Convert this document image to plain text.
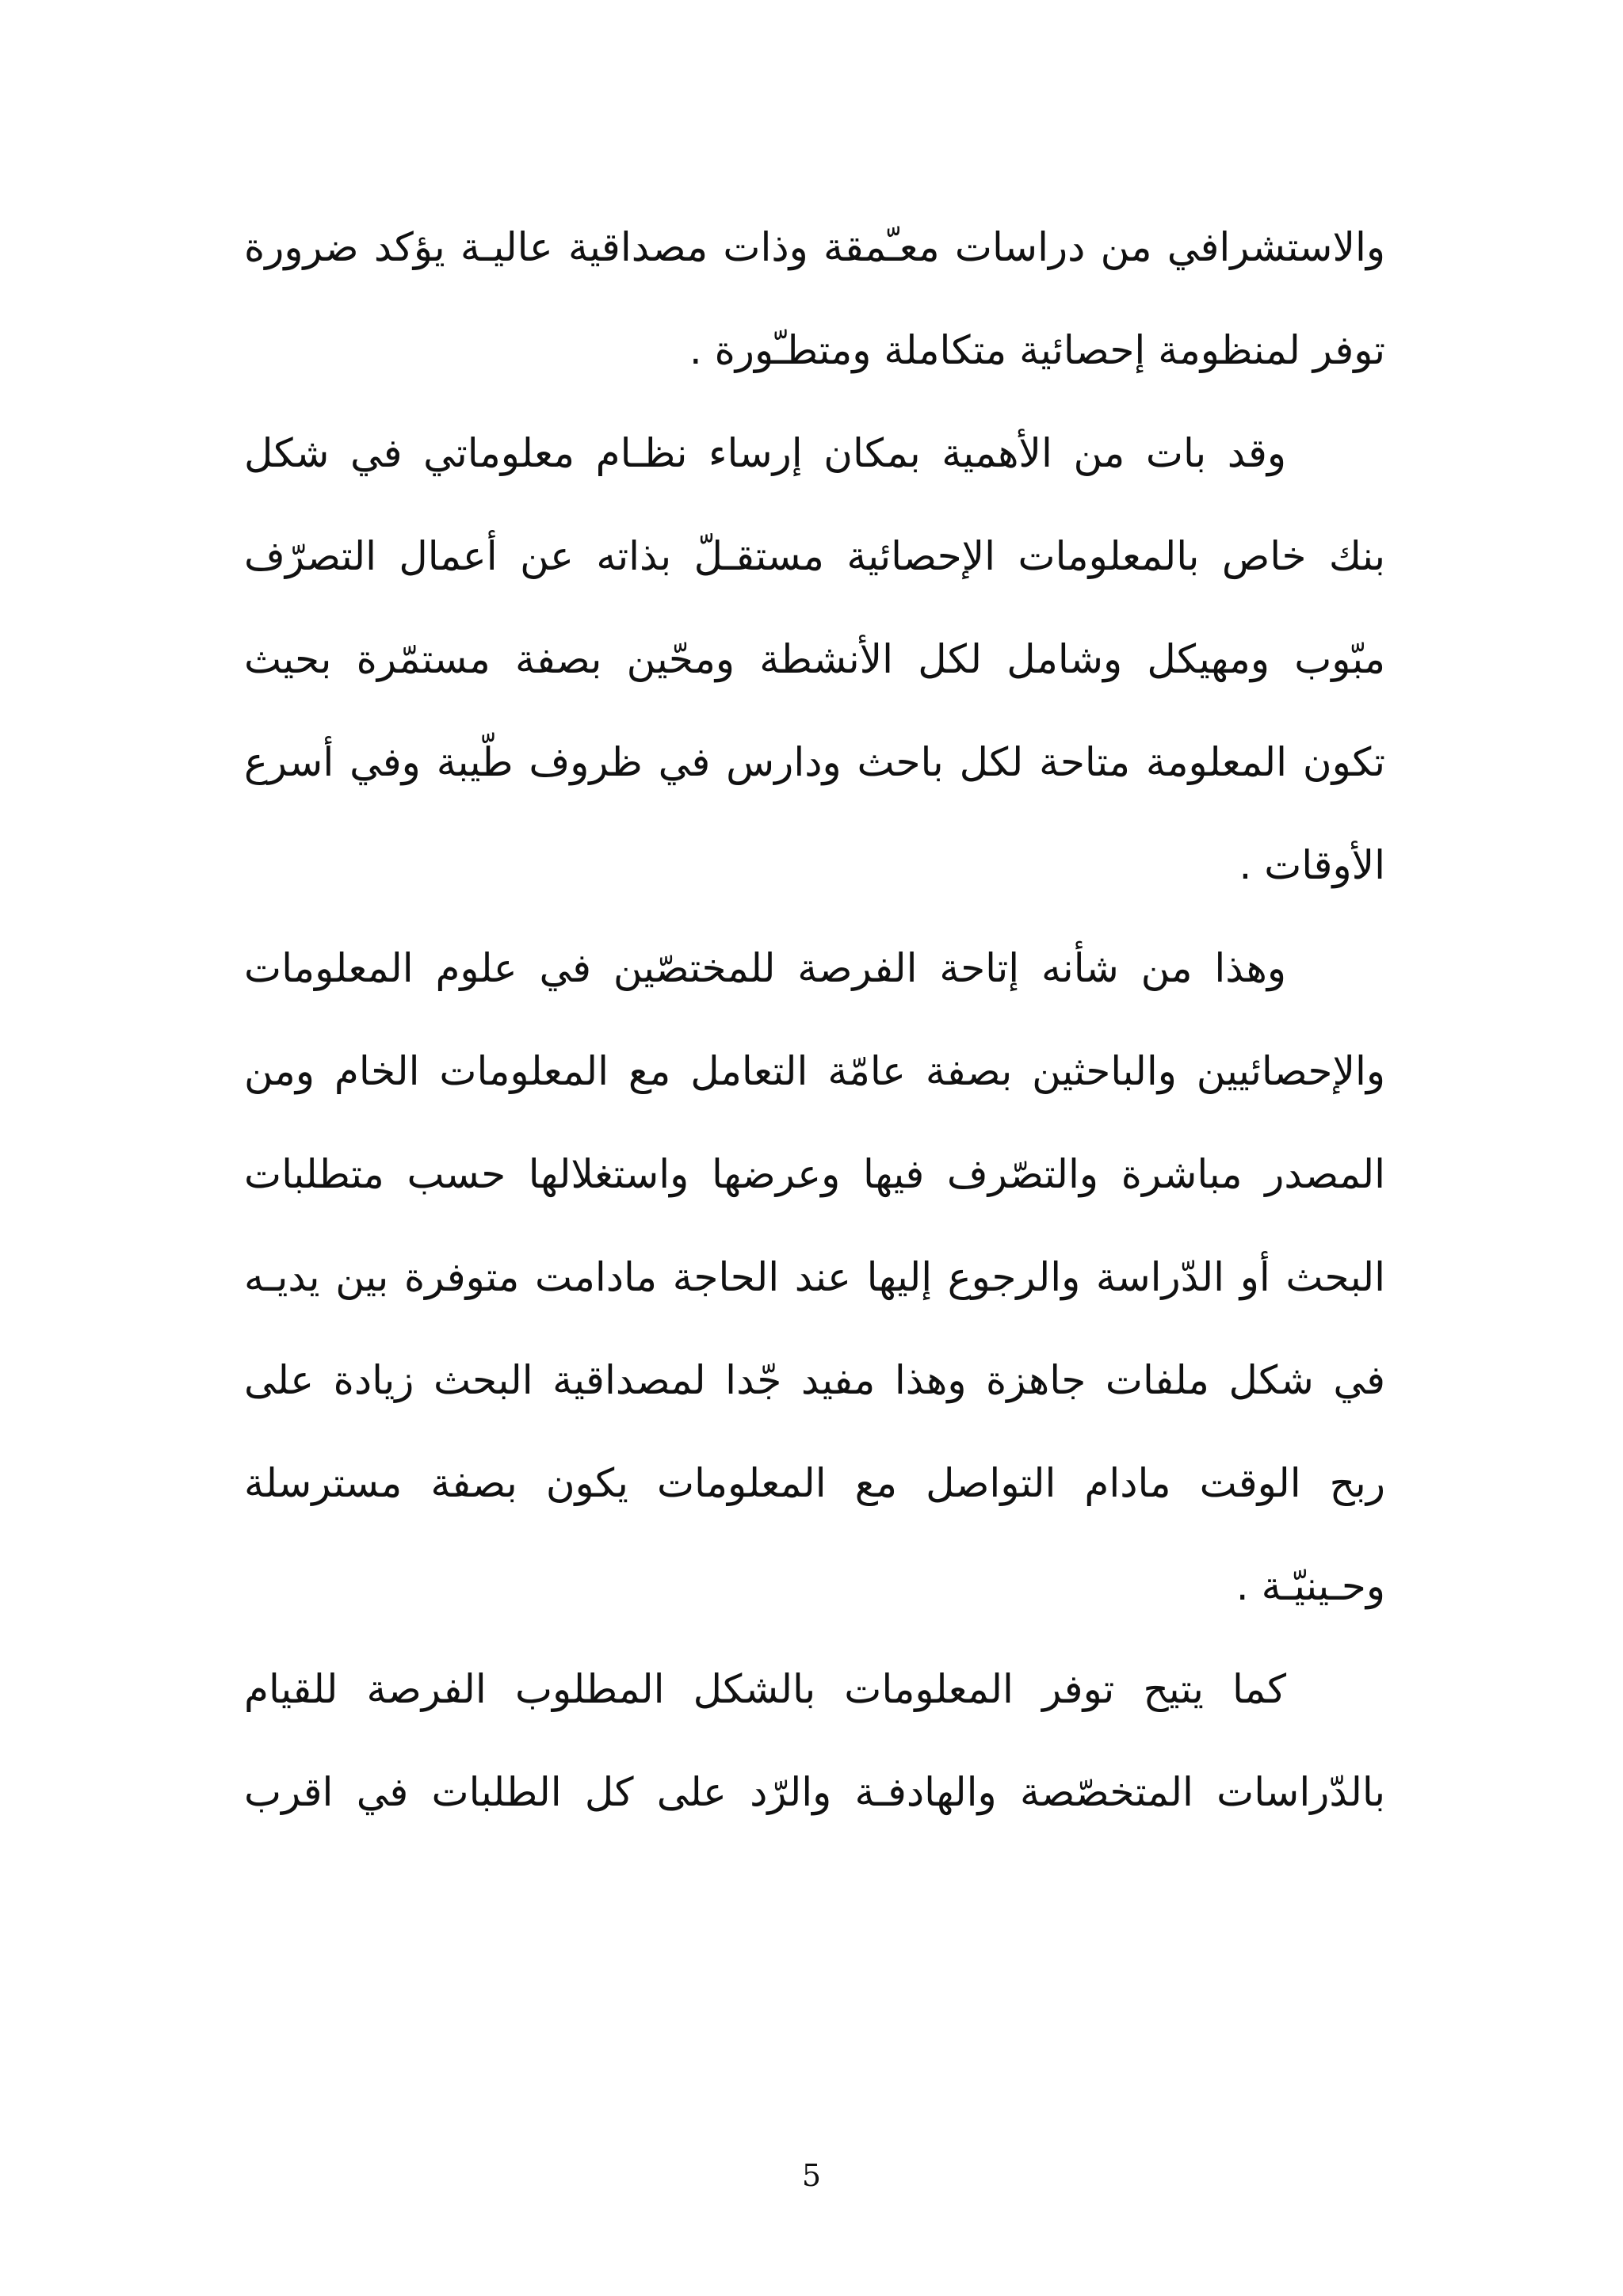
والاستشرافي من دراسات معـّمقة وذات مصداقية عاليـة يؤكد ضرورة
توفر لمنظومة إحصائية متكاملة ومتطـّورة .
وقد بات من الأهمية بمكان إرساء نظـام معلوماتي في شكل
بنك خاص بالمعلومات الإحصائية مستقـلّ بذاته عن أعمال التصرّف
مبّوب ومهيكل وشامل لكل الأنشطة ومحّين بصفة مستمّرة بحيث
تكون المعلومة متاحة لكل باحث ودارس في ظروف طّيبة وفي أسرع
الأوقات .
وهذا من شأنه إتاحة الفرصة للمختصّين في علوم المعلومات
والإحصائيين والباحثين بصفة عامّة التعامل مع المعلومات الخام ومن
المصدر مباشرة والتصّرف فيها وعرضها واستغلالها حسب متطلبات
البحث أو الدّراسة والرجوع إليها عند الحاجة مادامت متوفرة بين يديـه
في شكل ملفات جاهزة وهذا مفيد جّدا لمصداقية البحث زيادة على
ربح الوقت مادام التواصل مع المعلومات يكون بصفة مسترسلة
وحـينيّـة .
كما يتيح توفر المعلومات بالشكل المطلوب الفرصة للقيام
بالدّراسات المتخصّصة والهادفـة والرّد على كل الطلبات في اقرب
5
